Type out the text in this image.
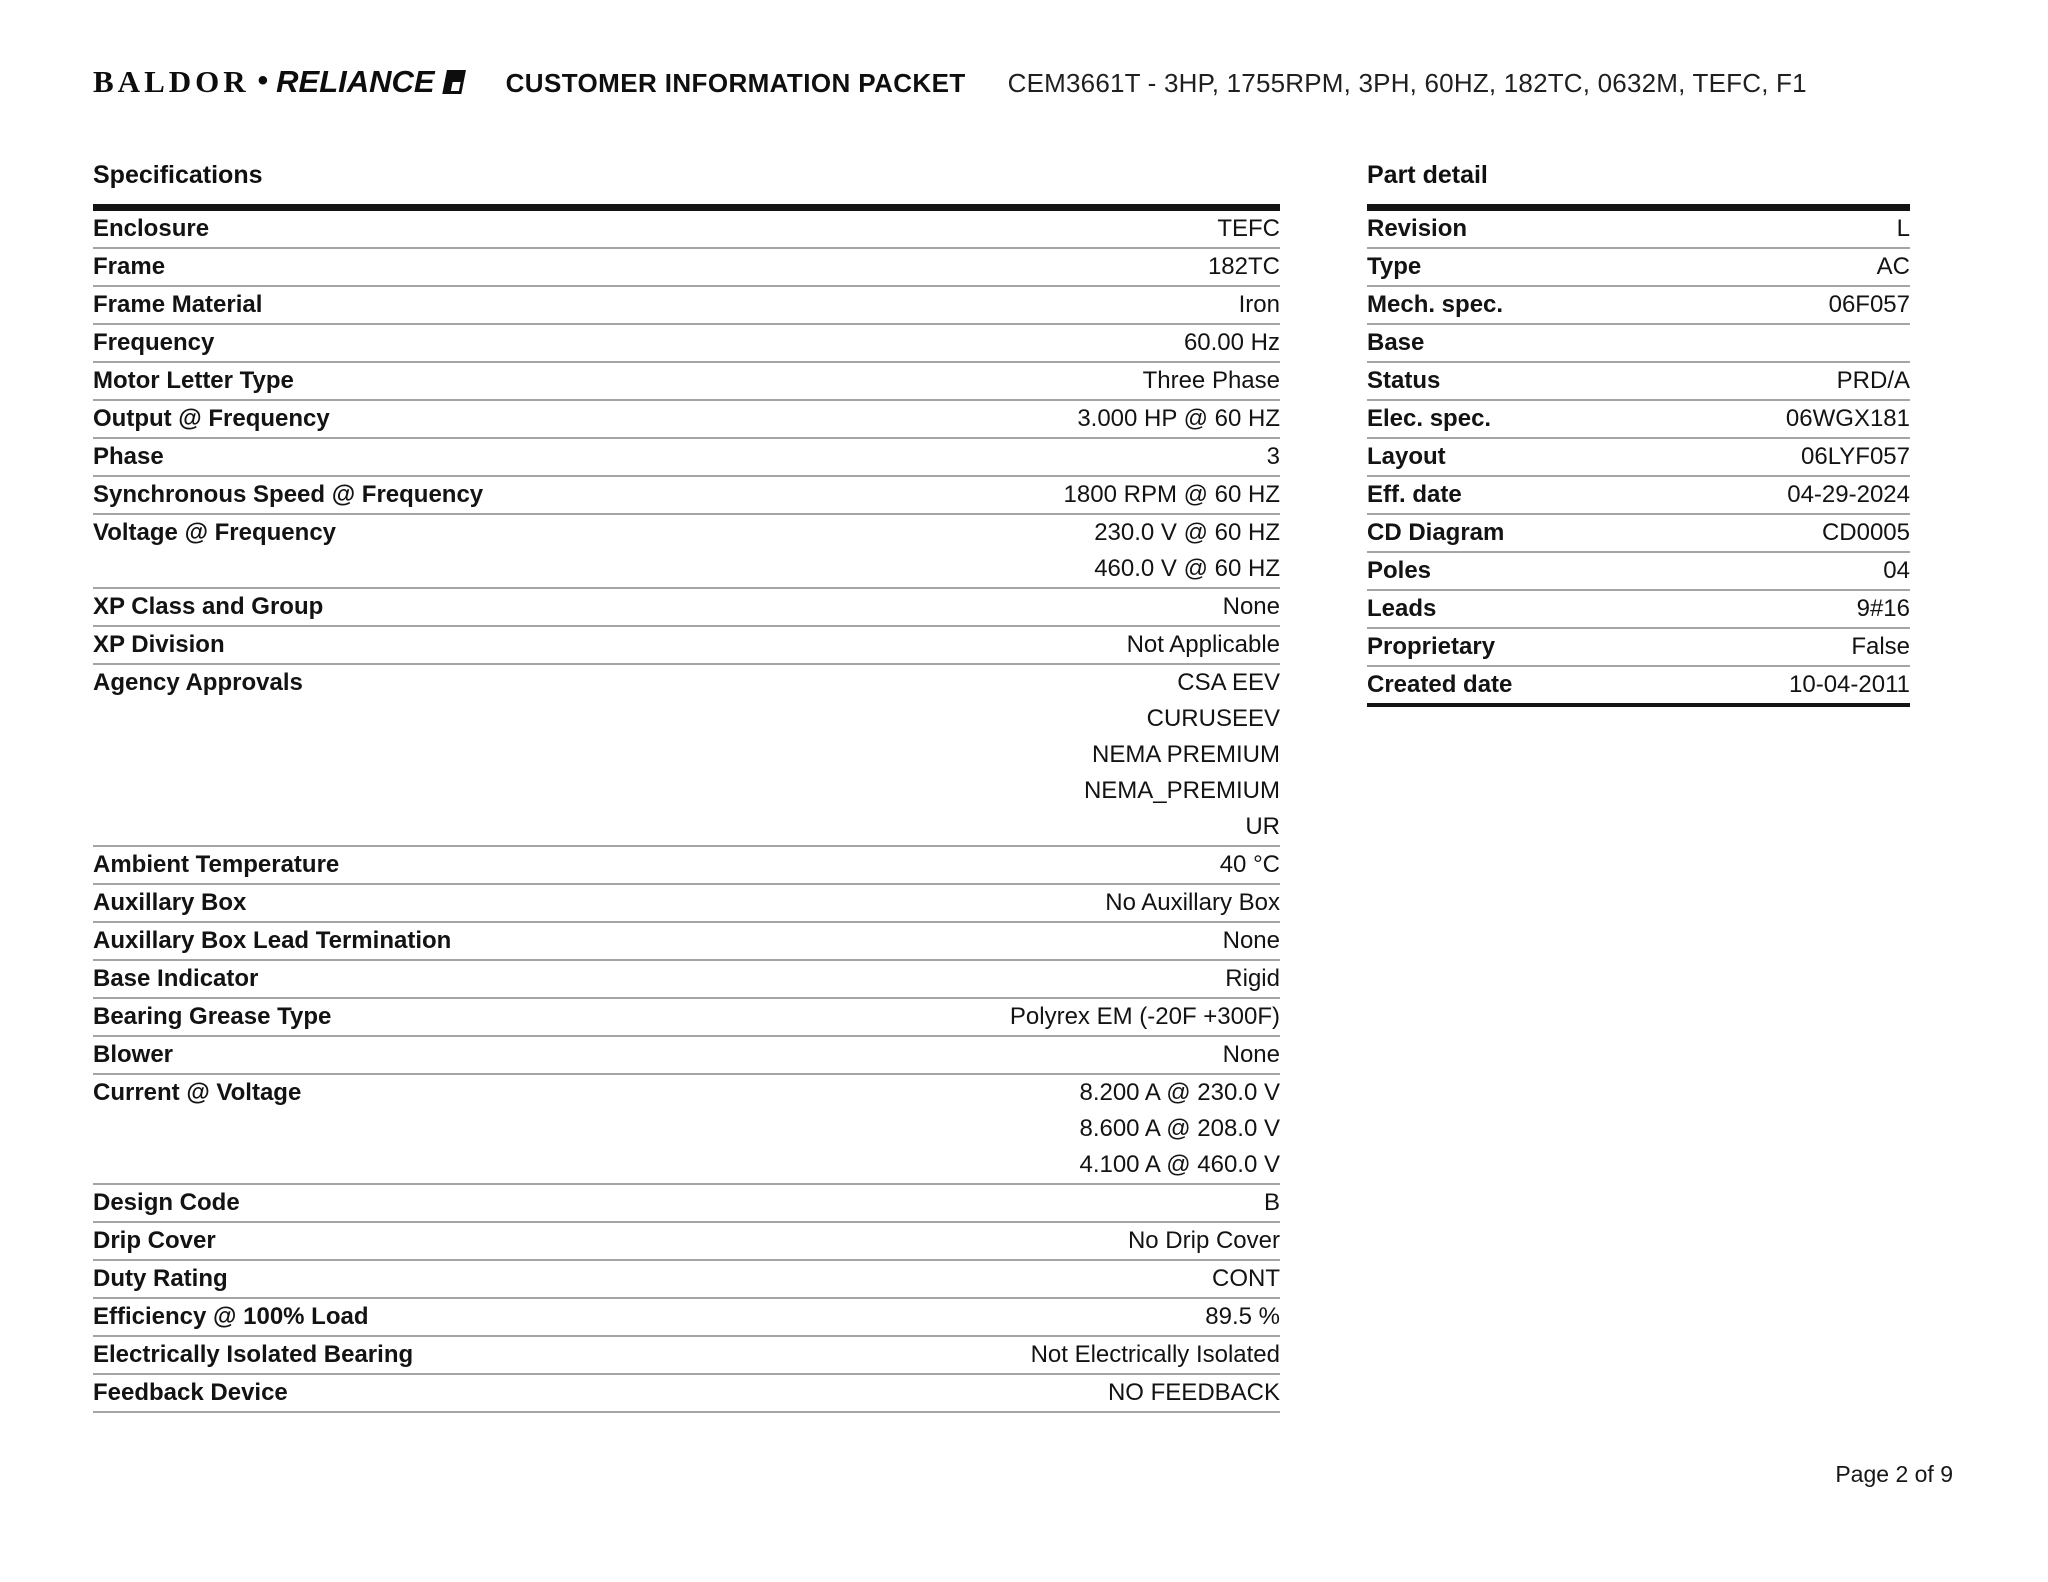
BALDOR • RELIANCE	CUSTOMER INFORMATION PACKET CEM3661T - 3HP, 1755RPM, 3PH, 60HZ, 182TC, 0632M, TEFC, F1
Specifications
Enclosure	TEFC
Frame	182TC
Frame Material	Iron
Frequency	60.00 Hz
Motor Letter Type	Three Phase
Output @ Frequency	3.000 HP @ 60 HZ
Phase	3
Synchronous Speed @ Frequency	1800 RPM @ 60 HZ
Voltage @ Frequency	230.0 V @ 60 HZ
460.0 V @ 60 HZ
XP Class and Group	None
XP Division	Not Applicable
Agency Approvals	CSA EEV
CURUSEEV
NEMA PREMIUM
NEMA_PREMIUM
UR
Ambient Temperature	40 °C
Auxillary Box	No Auxillary Box
Auxillary Box Lead Termination	None
Base Indicator	Rigid
Bearing Grease Type	Polyrex EM (-20F +300F)
Blower	None
Current @ Voltage	8.200 A @ 230.0 V
8.600 A @ 208.0 V
4.100 A @ 460.0 V
Design Code	B
Drip Cover	No Drip Cover
Duty Rating	CONT
Efficiency @ 100% Load	89.5 %
Electrically Isolated Bearing	Not Electrically Isolated
Feedback Device	NO FEEDBACK
Part detail
Revision	L
Type	AC
Mech. spec.	06F057
Base
Status	PRD/A
Elec. spec.	06WGX181
Layout	06LYF057
Eff. date	04-29-2024
CD Diagram	CD0005
Poles	04
Leads	9#16
Proprietary	False
Created date	10-04-2011
Page 2 of 9
